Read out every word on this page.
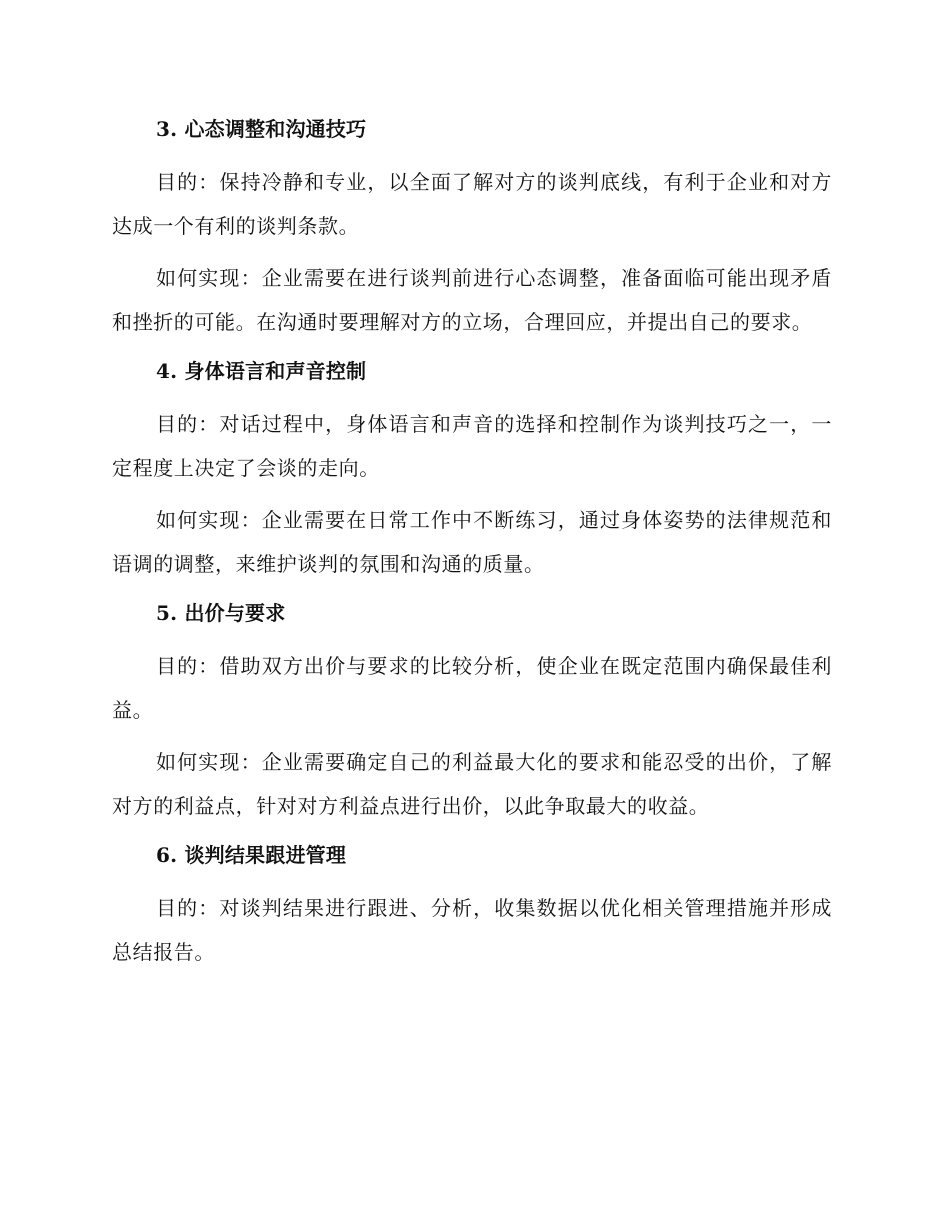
3. 心态调整和沟通技巧

目的：保持冷静和专业，以全面了解对方的谈判底线，有利于企业和对方达成一个有利的谈判条款。

如何实现：企业需要在进行谈判前进行心态调整，准备面临可能出现矛盾和挫折的可能。在沟通时要理解对方的立场，合理回应，并提出自己的要求。

4. 身体语言和声音控制

目的：对话过程中，身体语言和声音的选择和控制作为谈判技巧之一，一定程度上决定了会谈的走向。

如何实现：企业需要在日常工作中不断练习，通过身体姿势的法律规范和语调的调整，来维护谈判的氛围和沟通的质量。

5. 出价与要求

目的：借助双方出价与要求的比较分析，使企业在既定范围内确保最佳利益。

如何实现：企业需要确定自己的利益最大化的要求和能忍受的出价，了解对方的利益点，针对对方利益点进行出价，以此争取最大的收益。

6. 谈判结果跟进管理

目的：对谈判结果进行跟进、分析，收集数据以优化相关管理措施并形成总结报告。
